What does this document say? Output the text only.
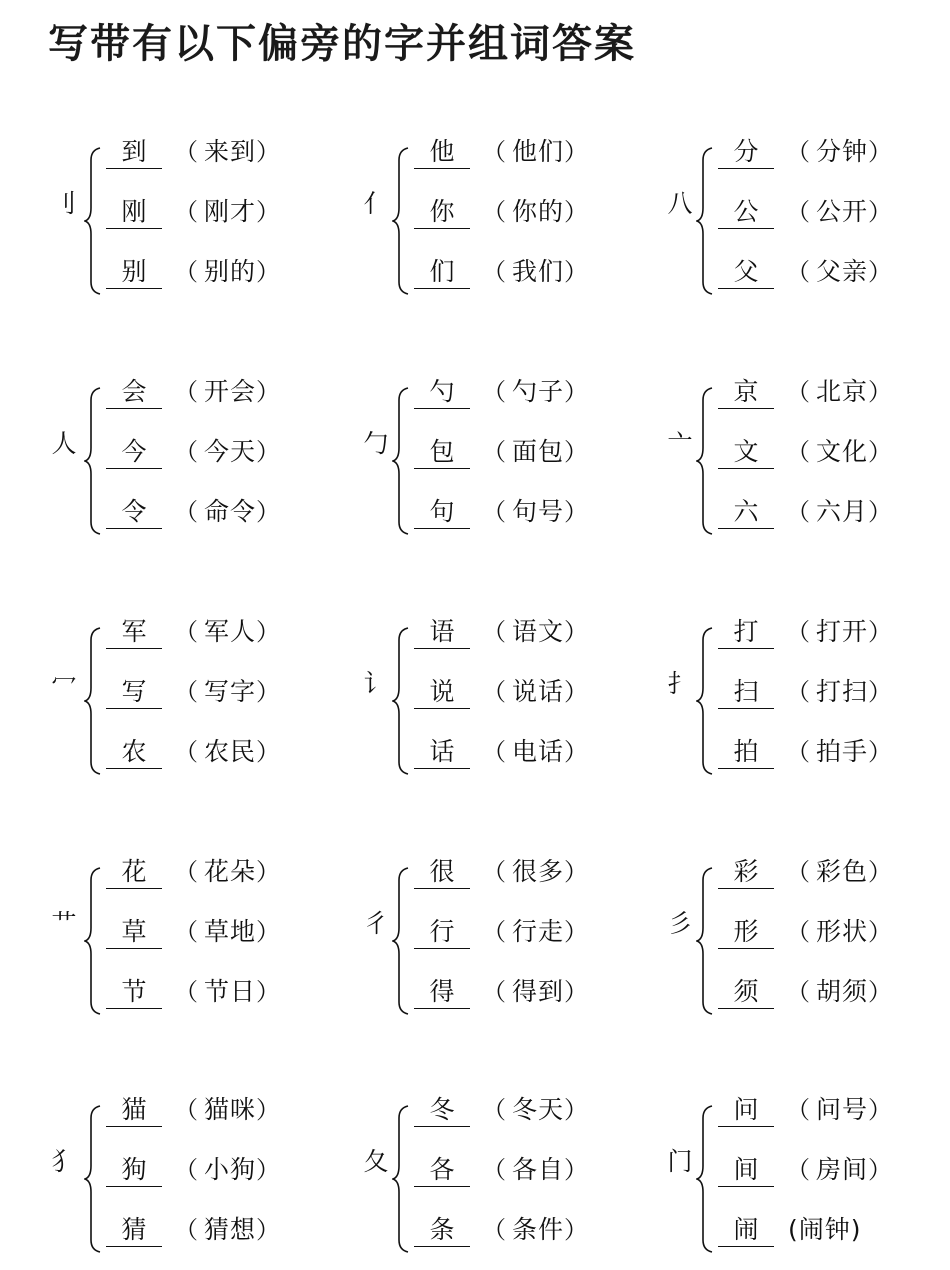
写带有以下偏旁的字并组词答案
刂
到 （ 来到）
刚 （ 刚才）
别 （ 别的）
亻
他 （ 他们）
你 （ 你的）
们 （ 我们）
八
分 （ 分钟）
公 （ 公开）
父 （ 父亲）
人
会 （ 开会）
今 （ 今天）
令 （ 命令）
勹
勺 （ 勺子）
包 （ 面包）
句 （ 句号）
亠
京 （ 北京）
文 （ 文化）
六 （ 六月）
冖
军 （ 军人）
写 （ 写字）
农 （ 农民）
讠
语 （ 语文）
说 （ 说话）
话 （ 电话）
扌
打 （ 打开）
扫 （ 打扫）
拍 （ 拍手）
艹
花 （ 花朵）
草 （ 草地）
节 （ 节日）
彳
很 （ 很多）
行 （ 行走）
得 （ 得到）
彡
彩 （ 彩色）
形 （ 形状）
须 （ 胡须）
犭
猫 （ 猫咪）
狗 （ 小狗）
猜 （ 猜想）
夂
冬 （ 冬天）
各 （ 各自）
条 （ 条件）
门
问 （ 问号）
间 （ 房间）
闹 (闹钟)
